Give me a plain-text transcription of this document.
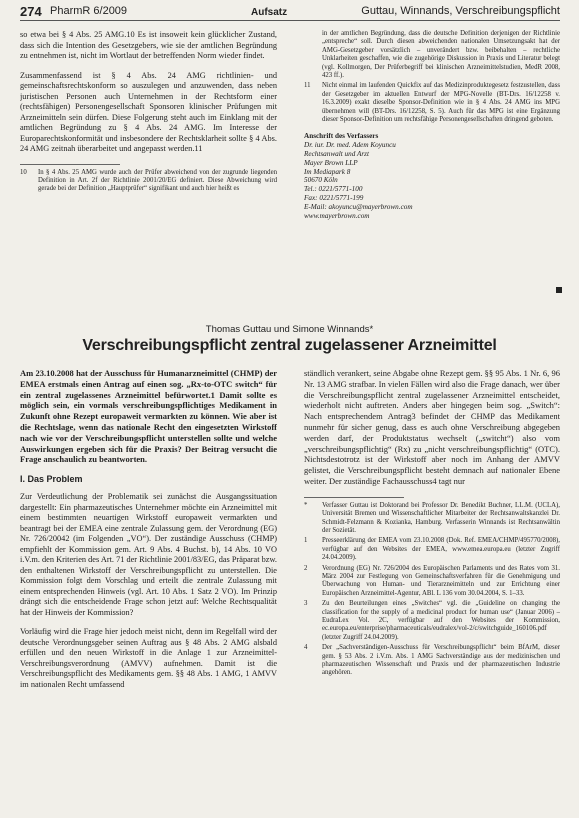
274 PharmR 6/2009	Aufsatz	Guttau, Winnands, Verschreibungspflicht

so etwa bei § 4 Abs. 25 AMG.10 Es ist insoweit kein glücklicher Zustand, dass sich die Intention des Gesetzgebers, wie sie der amtlichen Begründung zu entnehmen ist, nicht im Wortlaut der betreffenden Norm wieder findet.

Zusammenfassend ist § 4 Abs. 24 AMG richtlinien- und gemeinschaftsrechtskonform so auszulegen und anzuwenden, dass neben juristischen Personen auch Unternehmen in der Rechtsform einer (rechtsfähigen) Personengesellschaft Sponsoren klinischer Prüfungen mit Arzneimitteln sein dürfen. Diese Folgerung steht auch im Einklang mit der amtlichen Begründung zu § 4 Abs. 24 AMG. Im Interesse der Europarechtskonformität und insbesondere der Rechtsklarheit sollte § 4 Abs. 24 AMG zeitnah überarbeitet und angepasst werden.11

10	In § 4 Abs. 25 AMG wurde auch der Prüfer abweichend von der zugrunde liegenden Definition in Art. 2f der Richtlinie 2001/20/EG definiert. Diese Abweichung wird gerade bei der Definition „Hauptprüfer“ signifikant und auch hier heißt es
in der amtlichen Begründung, dass die deutsche Definition derjenigen der Richtlinie „entspreche“ soll. Durch diesen abweichenden nationalen Umsetzungsakt hat der AMG-Gesetzgeber vorsätzlich – unverändert bzw. beibehalten – rechtliche Unklarheiten geschaffen, wie die zugehörige Diskussion in Praxis und Literatur belegt (vgl. Kollmorgen, Der Prüferbegriff bei klinischen Arzneimittelstudien, MedR 2008, 423 ff.).
11	Nicht einmal im laufenden Quickfix auf das Medizinproduktegesetz festzustellen, dass der Gesetzgeber im aktuellen Entwurf der MPG-Novelle (BT-Drs. 16/12258 v. 16.3.2009) exakt dieselbe Sponsor-Definition wie in § 4 Abs. 24 AMG ins MPG übernehmen will (BT-Drs. 16/12258, S. 5). Auch für das MPG ist eine Ergänzung dieser Sponsor-Definition um rechtsfähige Personengesellschaften dringend geboten.
Anschrift des Verfassers
Dr. iur. Dr. med. Adem Koyuncu
Rechtsanwalt und Arzt
Mayer Brown LLP
Im Mediapark 8
50670 Köln
Tel.: 0221/5771-100
Fax: 0221/5771-199
E-Mail: akoyuncu@mayerbrown.com
www.mayerbrown.com
Thomas Guttau und Simone Winnands*
Verschreibungspflicht zentral zugelassener Arzneimittel

Am 23.10.2008 hat der Ausschuss für Humanarzneimittel (CHMP) der EMEA erstmals einen Antrag auf einen sog. „Rx-to-OTC switch“ für ein zentral zugelassenes Arzneimittel befürwortet.1 Damit sollte es möglich sein, ein vormals verschreibungspflichtiges Medikament in Zukunft ohne Rezept europaweit vermarkten zu können. Wie aber ist die Rechtslage, wenn das nationale Recht den eingesetzten Wirkstoff nach wie vor der Verschreibungspflicht unterstellen sollte und welche Auswirkungen ergeben sich für die Praxis? Der Beitrag versucht die Frage anschaulich zu beantworten.

I. Das Problem

Zur Verdeutlichung der Problematik sei zunächst die Ausgangssituation dargestellt: Ein pharmazeutisches Unternehmer möchte ein Arzneimittel mit einem bestimmten neuartigen Wirkstoff europaweit vermarkten und beantragt bei der EMEA eine zentrale Zulassung gem. der Verordnung (EG) Nr. 726/20042 (im Folgenden „VO“). Der zuständige Ausschuss (CHMP) empfiehlt der Kommission gem. Art. 9 Abs. 4 Buchst. b), 14 Abs. 10 VO i.V.m. den Kriterien des Art. 71 der Richtlinie 2001/83/EG, das Präparat bzw. den enthaltenen Wirkstoff der Verschreibungspflicht zu unterstellen. Die Kommission folgt dem Vorschlag und erteilt die zentrale Zulassung mit einem entsprechenden Hinweis (vgl. Art. 10 Abs. 1 Satz 2 VO). Im Prinzip drängt sich die entscheidende Frage schon jetzt auf: Welche Rechtsqualität hat der Hinweis der Kommission?

Vorläufig wird die Frage hier jedoch meist nicht, denn im Regelfall wird der deutsche Verordnungsgeber seinen Auftrag aus § 48 Abs. 2 AMG alsbald erfüllen und den neuen Wirkstoff in die Anlage 1 zur Arzneimittel-Verschreibungsverordnung (AMVV) aufnehmen. Damit ist die Verschreibungspflicht des Medikaments gem. §§ 48 Abs. 1 AMG, 1 AMVV im nationalen Recht umfassend

ständlich verankert, seine Abgabe ohne Rezept gem. §§ 95 Abs. 1 Nr. 6, 96 Nr. 13 AMG strafbar. In vielen Fällen wird also die Frage danach, wer über die Verschreibungspflicht zentral zugelassener Arzneimittel entscheidet, wiederholt nicht auftreten. Anders aber hingegen beim sog. „Switch“: Nach entsprechendem Antrag3 befindet der CHMP das Medikament nunmehr für sicher genug, dass es auch ohne Verschreibung abgegeben werden darf, der Produktstatus wechselt („switcht“) also vom „verschreibungspflichtig“ (Rx) zu „nicht verschreibungspflichtig“ (OTC). Nichtsdestotrotz ist der Wirkstoff aber noch im Anhang der AMVV gelistet, die Verschreibungspflicht besteht demnach auf nationaler Ebene weiter. Der zuständige Fachausschuss4 tagt nur

*	Verfasser Guttau ist Doktorand bei Professor Dr. Benedikt Buchner, LL.M. (UCLA), Universität Bremen und Wissenschaftlicher Mitarbeiter der Rechtsanwaltskanzlei Dr. Schmidt-Felzmann & Kozianka, Hamburg. Verfasserin Winnands ist Rechtsanwältin der Sozietät.
1	Presseerklärung der EMEA vom 23.10.2008 (Dok. Ref. EMEA/CHMP/495770/2008), verfügbar auf den Websites der EMEA, www.emea.europa.eu (letzter Zugriff 24.04.2009).
2	Verordnung (EG) Nr. 726/2004 des Europäischen Parlaments und des Rates vom 31. März 2004 zur Festlegung von Gemeinschaftsverfahren für die Genehmigung und Überwachung von Human- und Tierarzneimitteln und zur Errichtung einer Europäischen Arzneimittel-Agentur, ABl. L 136 vom 30.04.2004, S. 1–33.
3	Zu den Beurteilungen eines „Switches“ vgl. die „Guideline on changing the classification for the supply of a medicinal product for human use“ (Januar 2006) – EudraLex Vol. 2C, verfügbar auf den Websites der Kommission, ec.europa.eu/enterprise/pharmaceuticals/eudralex/vol-2/c/switchguide_160106.pdf (letzter Zugriff 24.04.2009).
4	Der „Sachverständigen-Ausschuss für Verschreibungspflicht“ beim BfArM, dieser gem. § 53 Abs. 2 i.V.m. Abs. 1 AMG Sachverständige aus der medizinischen und pharmazeutischen Wissenschaft und Praxis und der pharmazeutischen Industrie angehören.
